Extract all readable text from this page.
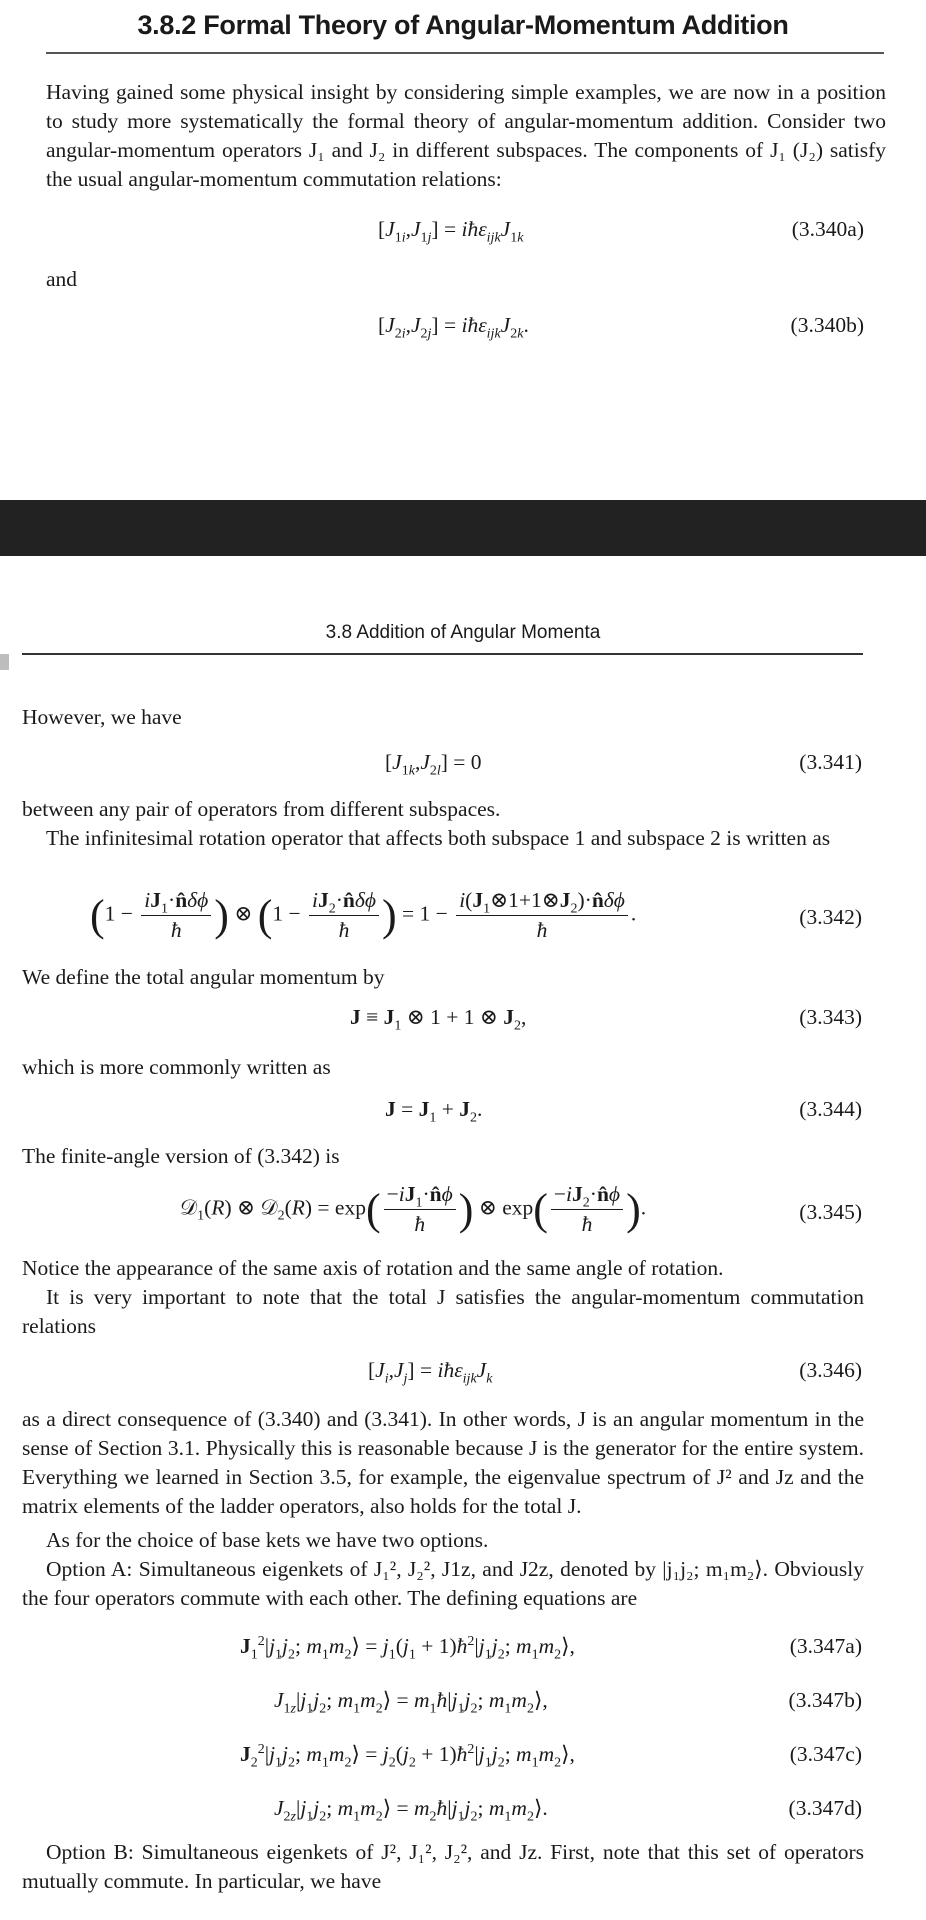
3.8.2 Formal Theory of Angular-Momentum Addition
Having gained some physical insight by considering simple examples, we are now in a position to study more systematically the formal theory of angular-momentum addition. Consider two angular-momentum operators J₁ and J₂ in different subspaces. The components of J₁ (J₂) satisfy the usual angular-momentum commutation relations:
$[J_{1i},J_{1j}]$ = $iħ\varepsilon_{ijk}J_{1k}$	(3.340a)
and
$[J_{2i},J_{2j}]$ = $iħ\varepsilon_{ijk}J_{2k}$.	(3.340b)
3.8 Addition of Angular Momenta
However, we have
$[J_{1k},J_{2l}] = 0$	(3.341)
between any pair of operators from different subspaces.
The infinitesimal rotation operator that affects both subspace 1 and subspace 2 is written as
($1 - \frac{iJ_1\cdot n̂\delta\phi}{ħ}$ ) ⊗ ($1 - \frac{iJ_2\cdot n̂\delta\phi}{ħ}$ ) = $1 - \frac{i(J_1\otimes 1+1\otimes J_2)\cdot n̂\delta\phi}{ħ}$ .	(3.342)
We define the total angular momentum by
$J \equiv J_1$ ⊗ 1 + 1 ⊗ $J_2$,	(3.343)
which is more commonly written as
$J = J_1 + J_2$.	(3.344)
The finite-angle version of (3.342) is
𝒟$_1$(R) ⊗ 𝒟$_2$(R) = $\exp( \frac{-iJ_1\cdot n̂\phi}{ħ}$ ) ⊗ $\exp( \frac{-iJ_2\cdot n̂\phi}{ħ}$ ).	(3.345)
Notice the appearance of the same axis of rotation and the same angle of rotation.
It is very important to note that the total J satisfies the angular-momentum commutation relations
$[J_i,J_j]$ = $iħ\varepsilon_{ijk}J_k$	(3.346)
as a direct consequence of (3.340) and (3.341). In other words, J is an angular momentum in the sense of Section 3.1. Physically this is reasonable because J is the generator for the entire system. Everything we learned in Section 3.5, for example, the eigenvalue spectrum of J² and Jz and the matrix elements of the ladder operators, also holds for the total J.
As for the choice of base kets we have two options.
Option A: Simultaneous eigenkets of J₁², J₂², J1z, and J2z, denoted by |j₁j₂; m₁m₂⟩. Obviously the four operators commute with each other. The defining equations are
$J_1^2|j_1j_2$; $m_1m_2⟩ = j_1(j_1$ + $1)ħ^2|j_1j_2$; $m_1m_2⟩$,	(3.347a)
$J_{1z}|j_1j_2$; $m_1m_2⟩$ = $m_1ħ|j_1j_2$; $m_1m_2⟩$,	(3.347b)
$J_2^2|j_1j_2$; $m_1m_2⟩ = j_2(j_2$ + $1)ħ^2|j_1j_2$; $m_1m_2⟩$,	(3.347c)
$J_{2z}|j_1j_2$; $m_1m_2⟩$ = $m_2ħ|j_1j_2$; $m_1m_2⟩$.	(3.347d)
Option B: Simultaneous eigenkets of J², J₁², J₂², and Jz. First, note that this set of operators mutually commute. In particular, we have
